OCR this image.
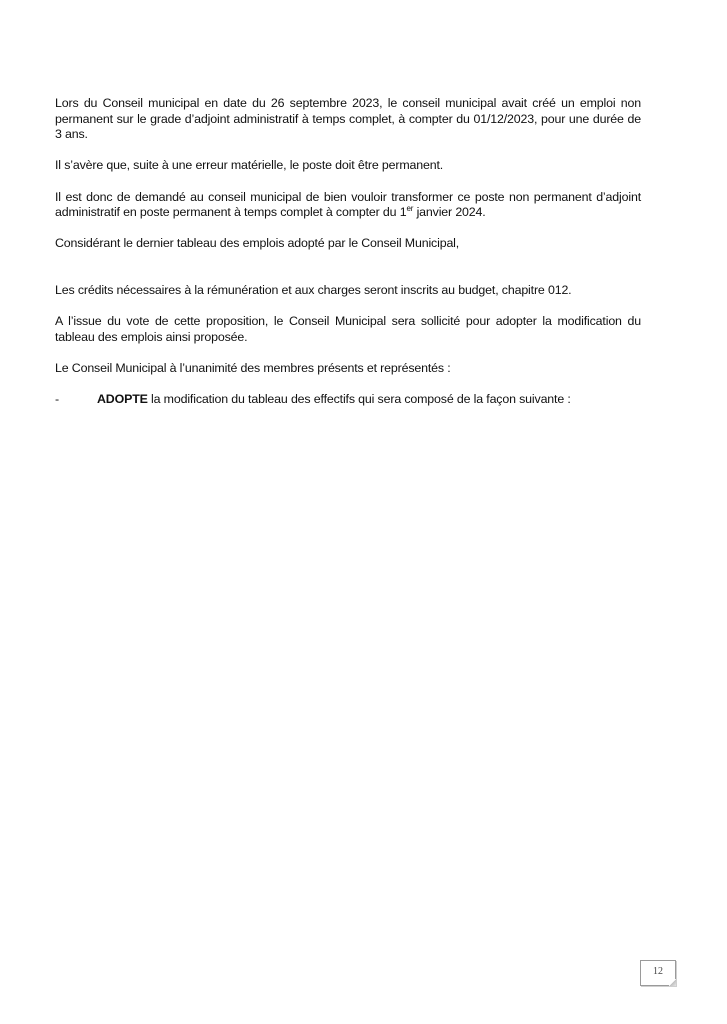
Lors du Conseil municipal en date du 26 septembre 2023, le conseil municipal avait créé un emploi non permanent sur le grade d’adjoint administratif à temps complet, à compter du 01/12/2023, pour une durée de 3 ans.

Il s’avère que, suite à une erreur matérielle, le poste doit être permanent.

Il est donc de demandé au conseil municipal de bien vouloir transformer ce poste non permanent d’adjoint administratif en poste permanent à temps complet à compter du 1er janvier 2024.

Considérant le dernier tableau des emplois adopté par le Conseil Municipal,

Les crédits nécessaires à la rémunération et aux charges seront inscrits au budget, chapitre 012.

A l’issue du vote de cette proposition, le Conseil Municipal sera sollicité pour adopter la modification du tableau des emplois ainsi proposée.

Le Conseil Municipal à l’unanimité des membres présents et représentés :

-	ADOPTE la modification du tableau des effectifs qui sera composé de la façon suivante :
12
